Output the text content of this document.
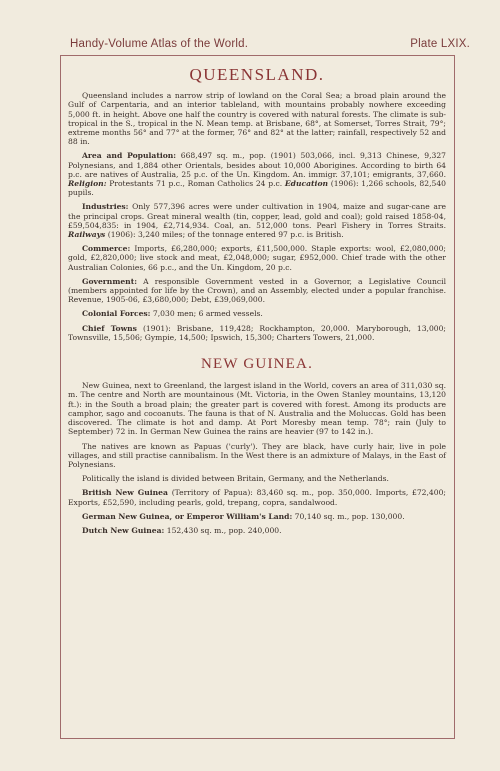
Handy-Volume Atlas of the World.	Plate LXIX.
QUEENSLAND.

Queensland includes a narrow strip of lowland on the Coral Sea; a broad plain around the Gulf of Carpentaria, and an interior tableland, with mountains probably nowhere exceeding 5,000 ft. in height. Above one half the country is covered with natural forests. The climate is sub-tropical in the S., tropical in the N. Mean temp. at Brisbane, 68°, at Somerset, Torres Strait, 79°; extreme months 56° and 77° at the former, 76° and 82° at the latter; rainfall, respectively 52 and 88 in.

Area and Population: 668,497 sq. m., pop. (1901) 503,066, incl. 9,313 Chinese, 9,327 Polynesians, and 1,884 other Orientals, besides about 10,000 Aborigines. According to birth 64 p.c. are natives of Australia, 25 p.c. of the Un. Kingdom. An. immigr. 37,101; emigrants, 37,660. Religion: Protestants 71 p.c., Roman Catholics 24 p.c. Education (1906): 1,266 schools, 82,540 pupils.

Industries: Only 577,396 acres were under cultivation in 1904, maize and sugar-cane are the principal crops. Great mineral wealth (tin, copper, lead, gold and coal); gold raised 1858-04, £59,504,835: in 1904, £2,714,934. Coal, an. 512,000 tons. Pearl Fishery in Torres Straits. Railways (1906): 3,240 miles; of the tonnage entered 97 p.c. is British.

Commerce: Imports, £6,280,000; exports, £11,500,000. Staple exports: wool, £2,080,000; gold, £2,820,000; live stock and meat, £2,048,000; sugar, £952,000. Chief trade with the other Australian Colonies, 66 p.c., and the Un. Kingdom, 20 p.c.

Government: A responsible Government vested in a Governor, a Legislative Council (members appointed for life by the Crown), and an Assembly, elected under a popular franchise. Revenue, 1905-06, £3,680,000; Debt, £39,069,000.

Colonial Forces: 7,030 men; 6 armed vessels.

Chief Towns (1901): Brisbane, 119,428; Rockhampton, 20,000. Maryborough, 13,000; Townsville, 15,506; Gympie, 14,500; Ipswich, 15,300; Charters Towers, 21,000.

NEW GUINEA.

New Guinea, next to Greenland, the largest island in the World, covers an area of 311,030 sq. m. The centre and North are mountainous (Mt. Victoria, in the Owen Stanley mountains, 13,120 ft.): in the South a broad plain; the greater part is covered with forest. Among its products are camphor, sago and cocoanuts. The fauna is that of N. Australia and the Moluccas. Gold has been discovered. The climate is hot and damp. At Port Moresby mean temp. 78°; rain (July to September) 72 in. In German New Guinea the rains are heavier (97 to 142 in.).

The natives are known as Papuas ('curly'). They are black, have curly hair, live in pole villages, and still practise cannibalism. In the West there is an admixture of Malays, in the East of Polynesians.

Politically the island is divided between Britain, Germany, and the Netherlands.

British New Guinea (Territory of Papua): 83,460 sq. m., pop. 350,000. Imports, £72,400; Exports, £52,590, including pearls, gold, trepang, copra, sandalwood.

German New Guinea, or Emperor William's Land: 70,140 sq. m., pop. 130,000.

Dutch New Guinea: 152,430 sq. m., pop. 240,000.
